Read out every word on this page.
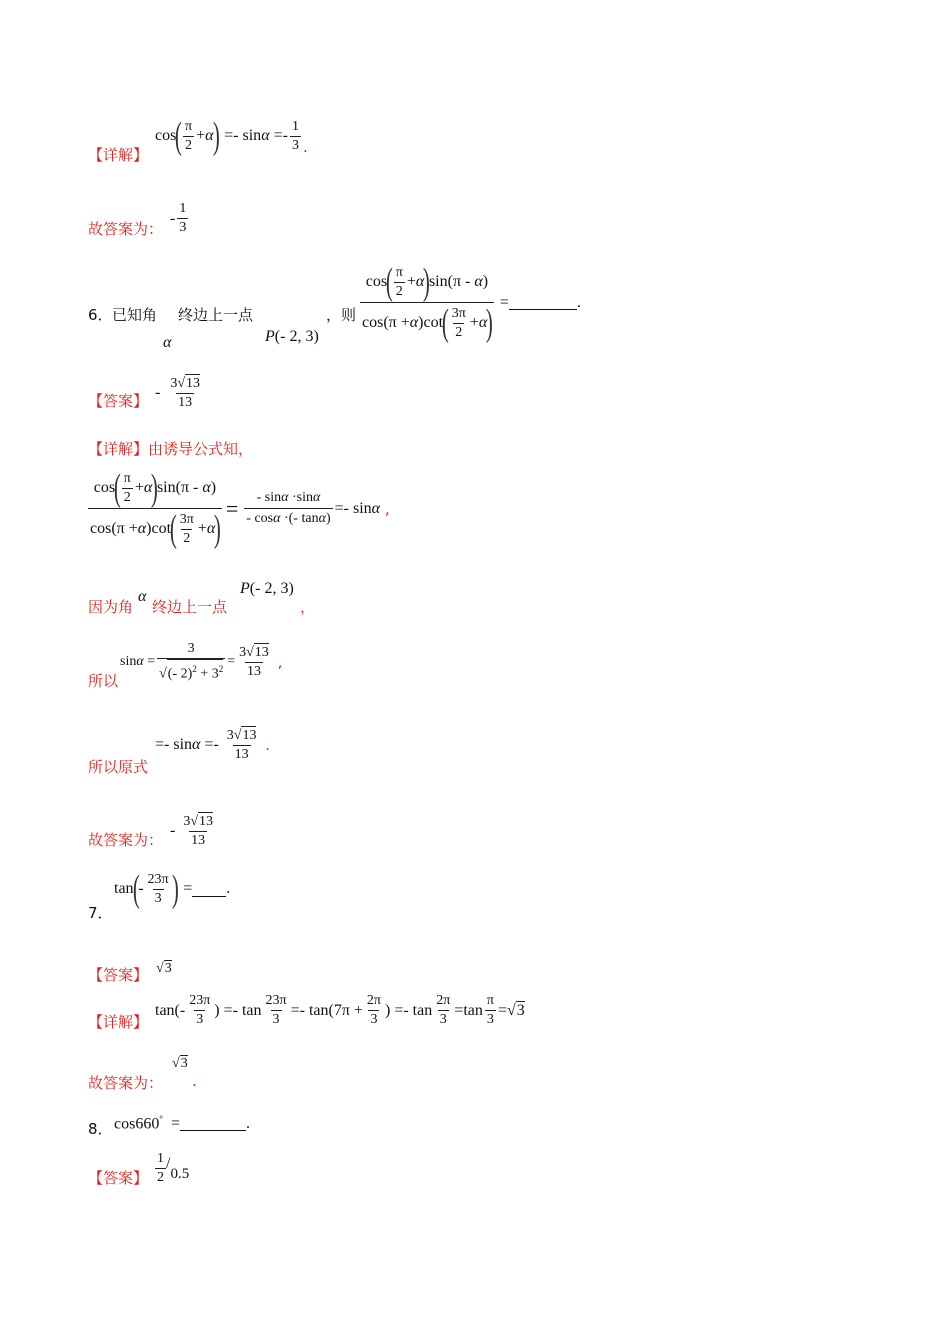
【详解】
cos
( $\frac{\pi}{2} + \alpha$
) =- $\sin \alpha =- \frac{1}{3}$ .
故答案为：
- $\frac{1}{3}$
6． 已知角
α
终边上一点
P(- 2, 3)
，则 cos
( $\frac{\pi}{2} + \alpha$
)
sin(π - α )
cos(π + α )cot
( $\frac{3\pi}{2} + \alpha$
) =	.
【答案】 - $\frac{3√13}{13}$
【详解】由诱导公式知，
cos
( $\frac{\pi}{2} + \alpha$
)
sin(π - α )
cos(π + α )cot
( $\frac{3\pi}{2} + \alpha$
) = $\frac{- \sin\alpha \cdot\sin\alpha}{- \cos\alpha \cdot(- \tan\alpha)} =- \sin \alpha$ ,
因为角
α
终边上一点
P(- 2, 3)
，
所以
$\sin \alpha = \frac{3}{√(- 2)^2 + 3^2} = \frac{3√13}{13}$ ,
所以原式
=- $\sin \alpha =- \frac{3√13}{13}$ .
故答案为：
- $\frac{3√13}{13}$
7．
tan
(
- $\frac{23\pi}{3}$ ) = .
【答案】 √3
【详解】
$\tan(- \frac{23\pi}{3}$ ) =- $\tan \frac{23\pi}{3} =- \tan(7\pi + \frac{2\pi}{3}$ ) =- $\tan \frac{2\pi}{3} =\tan \frac{\pi}{3} =√3$
故答案为：
√3
.
8． cos660° =	.
【答案】 $\frac{1}{2}$ /
0.5
